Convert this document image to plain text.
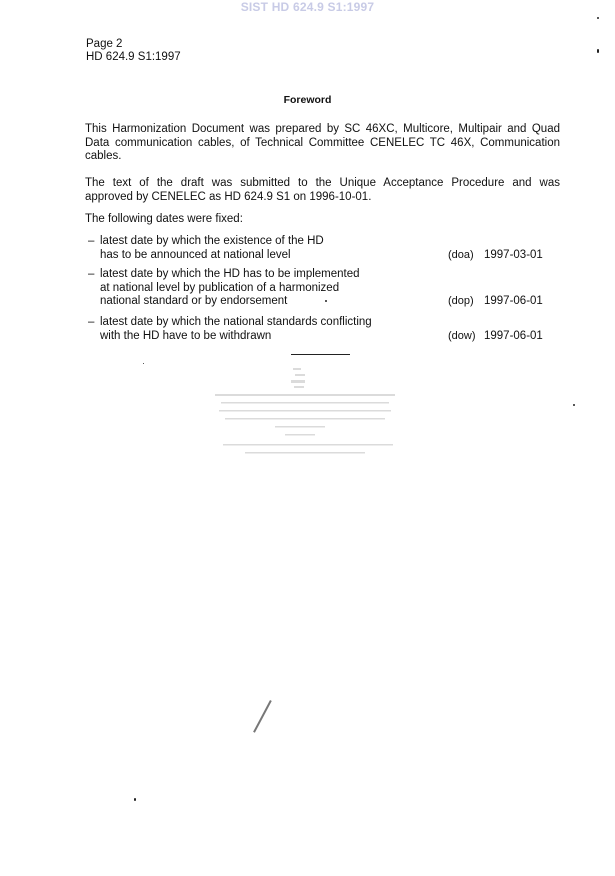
SIST HD 624.9 S1:1997
Page 2
HD 624.9 S1:1997
Foreword
This Harmonization Document was prepared by SC 46XC, Multicore, Multipair and Quad
Data communication cables, of Technical Committee CENELEC TC 46X, Communication
cables.
The text of the draft was submitted to the Unique Acceptance Procedure and was
approved by CENELEC as HD 624.9 S1 on 1996-10-01.
The following dates were fixed:
– latest date by which the existence of the HD
has to be announced at national level	(doa) 1997-03-01
– latest date by which the HD has to be implemented
at national level by publication of a harmonized
national standard or by endorsement	(dop) 1997-06-01
– latest date by which the national standards conflicting
with the HD have to be withdrawn	(dow) 1997-06-01
